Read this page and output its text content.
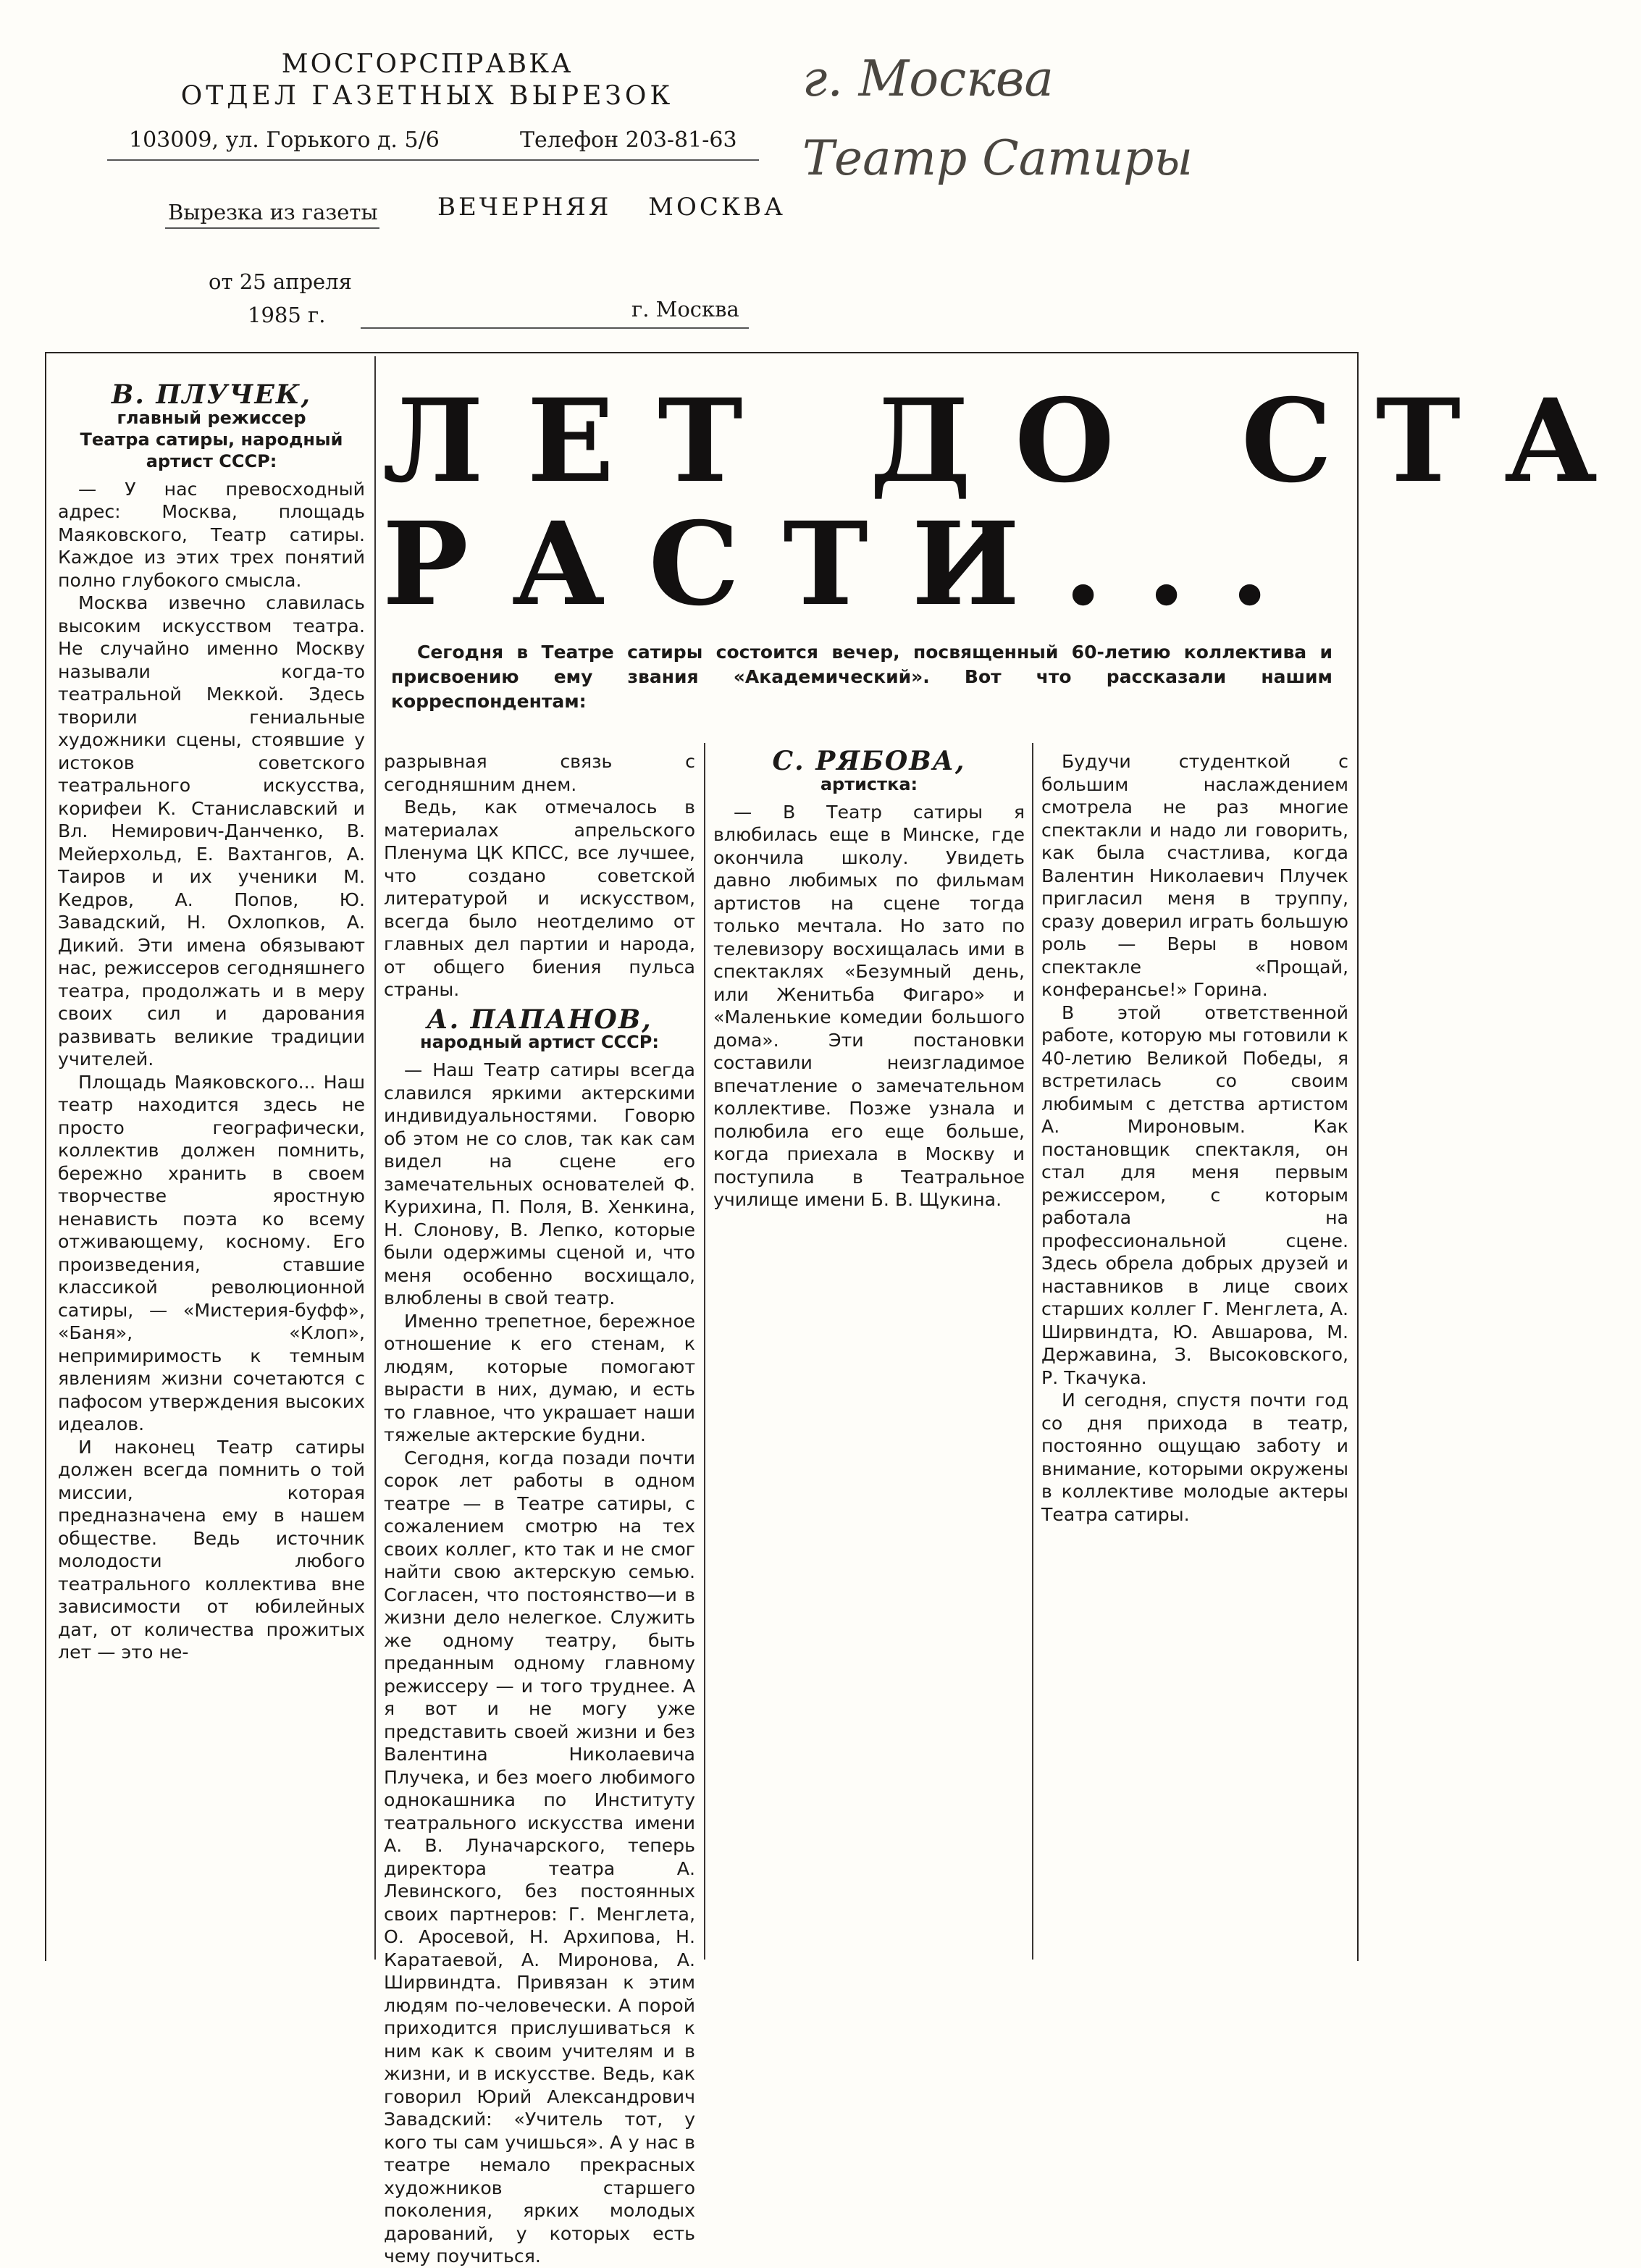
МОСГОРСПРАВКА
ОТДЕЛ ГАЗЕТНЫХ ВЫРЕЗОК
103009, ул. Горького д. 5/6	Телефон 203-81-63
Вырезка из газеты ВЕЧЕРНЯЯ МОСКВА
от 25 апреля
1985 г.	г. Москва
г. Москва
Театр Сатиры
ЛЕТ ДО СТА
РАСТИ...
Сегодня в Театре сатиры состоится вечер, посвященный 60-летию коллектива и присвоению ему звания «Академический». Вот что рассказали нашим корреспондентам:
В. ПЛУЧЕК,
главный режиссер Театра сатиры, народный артист СССР:

— У нас превосходный адрес: Москва, площадь Маяковского, Театр сатиры. Каждое из этих трех понятий полно глубокого смысла.

Москва извечно славилась высоким искусством театра. Не случайно именно Москву называли когда-то театральной Меккой. Здесь творили гениальные художники сцены, стоявшие у истоков советского театрального искусства, корифеи К. Станиславский и Вл. Немирович-Данченко, В. Мейерхольд, Е. Вахтангов, А. Таиров и их ученики М. Кедров, А. Попов, Ю. Завадский, Н. Охлопков, А. Дикий. Эти имена обязывают нас, режиссеров сегодняшнего театра, продолжать и в меру своих сил и дарования развивать великие традиции учителей.

Площадь Маяковского... Наш театр находится здесь не просто географически, коллектив должен помнить, бережно хранить в своем творчестве яростную ненависть поэта ко всему отживающему, косному. Его произведения, ставшие классикой революционной сатиры, — «Мистерия-буфф», «Баня», «Клоп», непримиримость к темным явлениям жизни сочетаются с пафосом утверждения высоких идеалов.

И наконец Театр сатиры должен всегда помнить о той миссии, которая предназначена ему в нашем обществе. Ведь источник молодости любого театрального коллектива вне зависимости от юбилейных дат, от количества прожитых лет — это не-

разрывная связь с сегодняшним днем.

Ведь, как отмечалось в материалах апрельского Пленума ЦК КПСС, все лучшее, что создано советской литературой и искусством, всегда было неотделимо от главных дел партии и народа, от общего биения пульса страны.

А. ПАПАНОВ,
народный артист СССР:

— Наш Театр сатиры всегда славился яркими актерскими индивидуальностями. Говорю об этом не со слов, так как сам видел на сцене его замечательных основателей Ф. Курихина, П. Поля, В. Хенкина, Н. Слонову, В. Лепко, которые были одержимы сценой и, что меня особенно восхищало, влюблены в свой театр.

Именно трепетное, бережное отношение к его стенам, к людям, которые помогают вырасти в них, думаю, и есть то главное, что украшает наши тяжелые актерские будни.

Сегодня, когда позади почти сорок лет работы в одном театре — в Театре сатиры, с сожалением смотрю на тех своих коллег, кто так и не смог найти свою актерскую семью. Согласен, что постоянство—и в жизни дело нелегкое. Служить же одному театру, быть преданным одному главному режиссеру — и того труднее. А я вот и не могу уже представить своей жизни и без Валентина Николаевича Плучека, и без моего любимого однокашника по Институту театрального искусства имени А. В. Луначарского, теперь директора театра А. Левинского, без постоянных своих партнеров: Г. Менглета, О. Аросевой, Н. Архипова, Н. Каратаевой, А. Мироновa, А. Ширвиндта. Привязан к этим людям по-человечески. А порой приходится прислушиваться к ним как к своим учителям и в жизни, и в искусстве. Ведь, как говорил Юрий Александрович Завадский: «Учитель тот, у кого ты сам учишься». А у нас в театре немало прекрасных художников старшего поколения, ярких молодых дарований, у которых есть чему поучиться.

С. РЯБОВА,
артистка:

— В Театр сатиры я влюбилась еще в Минске, где окончила школу. Увидеть давно любимых по фильмам артистов на сцене тогда только мечтала. Но зато по телевизору восхищалась ими в спектаклях «Безумный день, или Женитьба Фигаро» и «Маленькие комедии большого дома». Эти постановки составили неизгладимое впечатление о замечательном коллективе. Позже узнала и полюбила его еще больше, когда приехала в Москву и поступила в Театральное училище имени Б. В. Щукина.

Будучи студенткой с большим наслаждением смотрела не раз многие спектакли и надо ли говорить, как была счастлива, когда Валентин Николаевич Плучек пригласил меня в труппу, сразу доверил играть большую роль — Веры в новом спектакле «Прощай, конферансье!» Горина.

В этой ответственной работе, которую мы готовили к 40-летию Великой Победы, я встретилась со своим любимым с детства артистом А. Мироновым. Как постановщик спектакля, он стал для меня первым режиссером, с которым работала на профессиональной сцене. Здесь обрела добрых друзей и наставников в лице своих старших коллег Г. Менглета, А. Ширвиндта, Ю. Авшарова, М. Державина, З. Высоковского, Р. Ткачука.

И сегодня, спустя почти год со дня прихода в театр, постоянно ощущаю заботу и внимание, которыми окружены в коллективе молодые актеры Театра сатиры.
